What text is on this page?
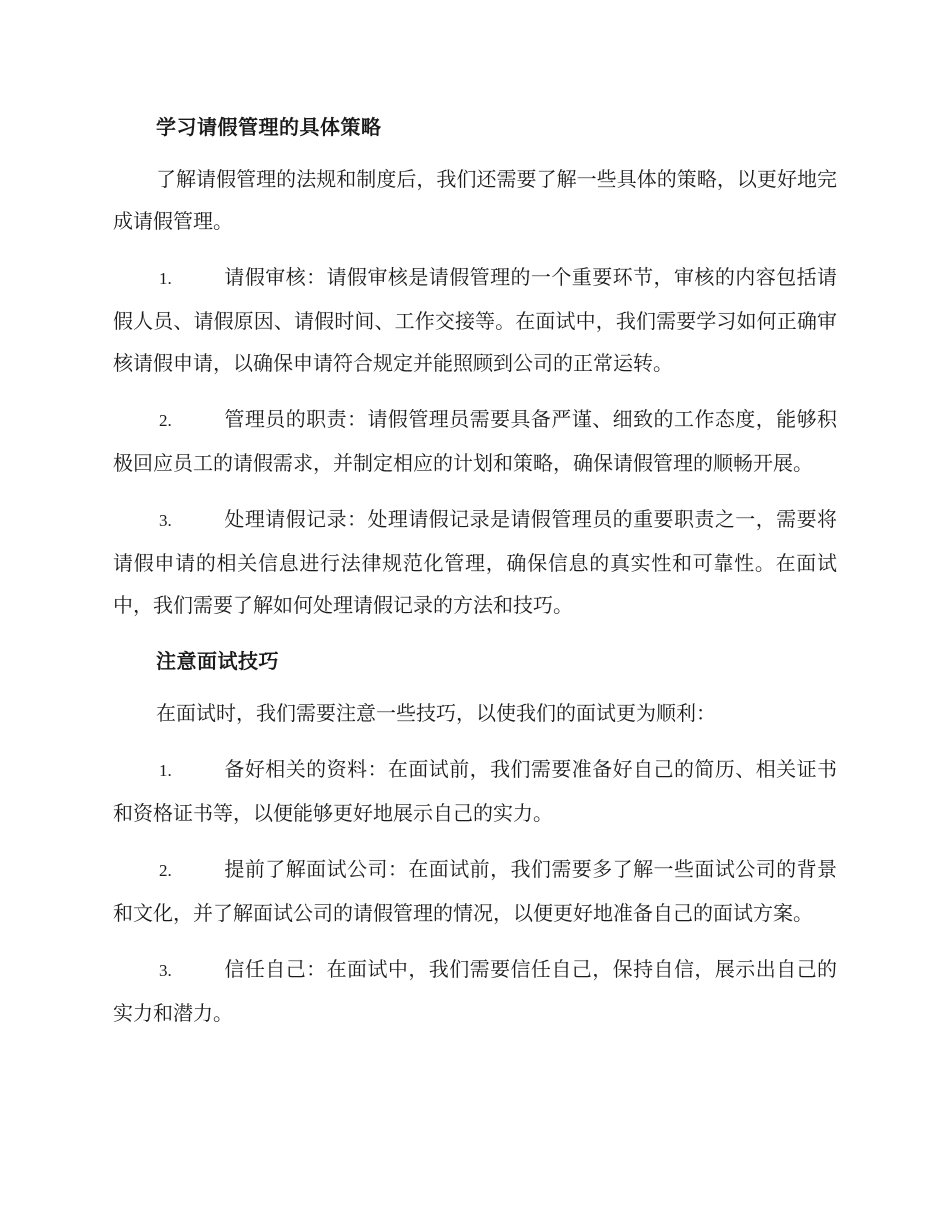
学习请假管理的具体策略
了解请假管理的法规和制度后，我们还需要了解一些具体的策略，以更好地完成请假管理。
1.	请假审核：请假审核是请假管理的一个重要环节，审核的内容包括请假人员、请假原因、请假时间、工作交接等。在面试中，我们需要学习如何正确审核请假申请，以确保申请符合规定并能照顾到公司的正常运转。
2.	管理员的职责：请假管理员需要具备严谨、细致的工作态度，能够积极回应员工的请假需求，并制定相应的计划和策略，确保请假管理的顺畅开展。
3.	处理请假记录：处理请假记录是请假管理员的重要职责之一，需要将请假申请的相关信息进行法律规范化管理，确保信息的真实性和可靠性。在面试中，我们需要了解如何处理请假记录的方法和技巧。
注意面试技巧
在面试时，我们需要注意一些技巧，以使我们的面试更为顺利：
1.	备好相关的资料：在面试前，我们需要准备好自己的简历、相关证书和资格证书等，以便能够更好地展示自己的实力。
2.	提前了解面试公司：在面试前，我们需要多了解一些面试公司的背景和文化，并了解面试公司的请假管理的情况，以便更好地准备自己的面试方案。
3.	信任自己：在面试中，我们需要信任自己，保持自信，展示出自己的实力和潜力。
